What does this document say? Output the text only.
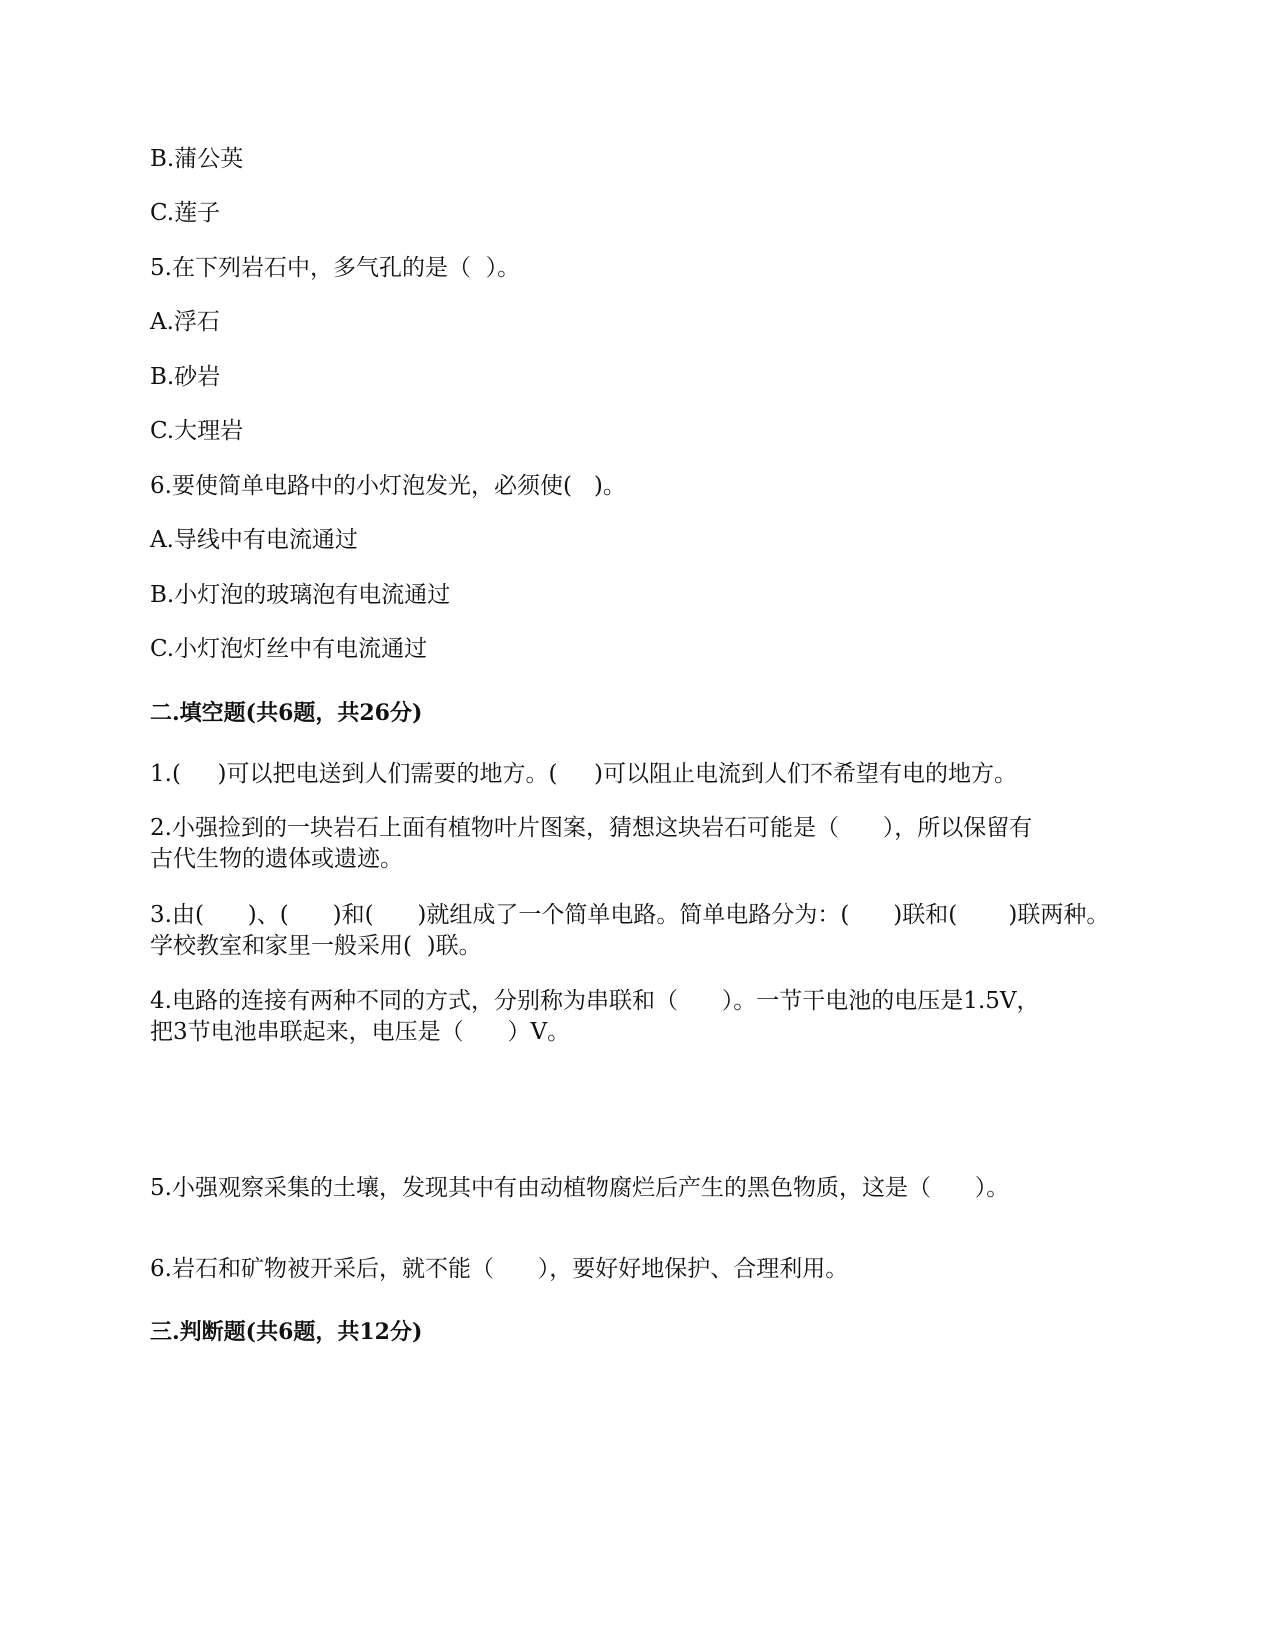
B.蒲公英

C.莲子

5.在下列岩石中，多气孔的是（  ）。

A.浮石

B.砂岩

C.大理岩

6.要使简单电路中的小灯泡发光，必须使(   )。

A.导线中有电流通过

B.小灯泡的玻璃泡有电流通过

C.小灯泡灯丝中有电流通过

二.填空题(共6题，共26分)

1.(     )可以把电送到人们需要的地方。(     )可以阻止电流到人们不希望有电的地方。

2.小强捡到的一块岩石上面有植物叶片图案，猜想这块岩石可能是（      ），所以保留有

古代生物的遗体或遗迹。

3.由(      )、(      )和(      )就组成了一个简单电路。简单电路分为：(      )联和(       )联两种。

学校教室和家里一般采用(  )联。

4.电路的连接有两种不同的方式，分别称为串联和（      ）。一节干电池的电压是1.5V，

把3节电池串联起来，电压是（      ）V。

5.小强观察采集的土壤，发现其中有由动植物腐烂后产生的黑色物质，这是（      ）。

6.岩石和矿物被开采后，就不能（      ），要好好地保护、合理利用。

三.判断题(共6题，共12分)
